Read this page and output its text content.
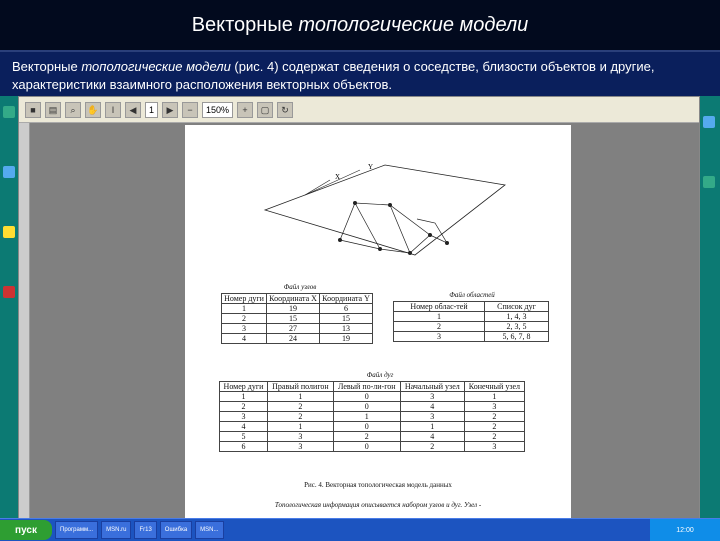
Векторные
топологические модели
Векторные топологические модели (рис. 4) содержат сведения о соседстве, близости объектов и другие, характеристики взаимного расположения векторных объектов.
■	▤	⌕	✋	I	◀	1	▶	−	150%	+	▢	↻
X
Y
Файл узлов
Номер дуги	Координата X	Координата Y
1	19	6
2	15	15
3	27	13
4	24	19
Файл областей
Номер облас-тей	Список дуг
1	1, 4, 3
2	2, 3, 5
3	5, 6, 7, 8
Файл дуг
Номер дуги	Правый полигон	Левый по-ли-гон	Начальный узел	Конечный узел
1	1	0	3	1
2	2	0	4	3
3	2	1	3	2
4	1	0	1	2
5	3	2	4	2
6	3	0	2	3
Рис. 4. Векторная топологическая модель данных
Топологическая информация описывается набором узлов и дуг. Узел -
пуск	Программ...	MSN.ru	Fr13	Ошибка	MSN...	12:00
